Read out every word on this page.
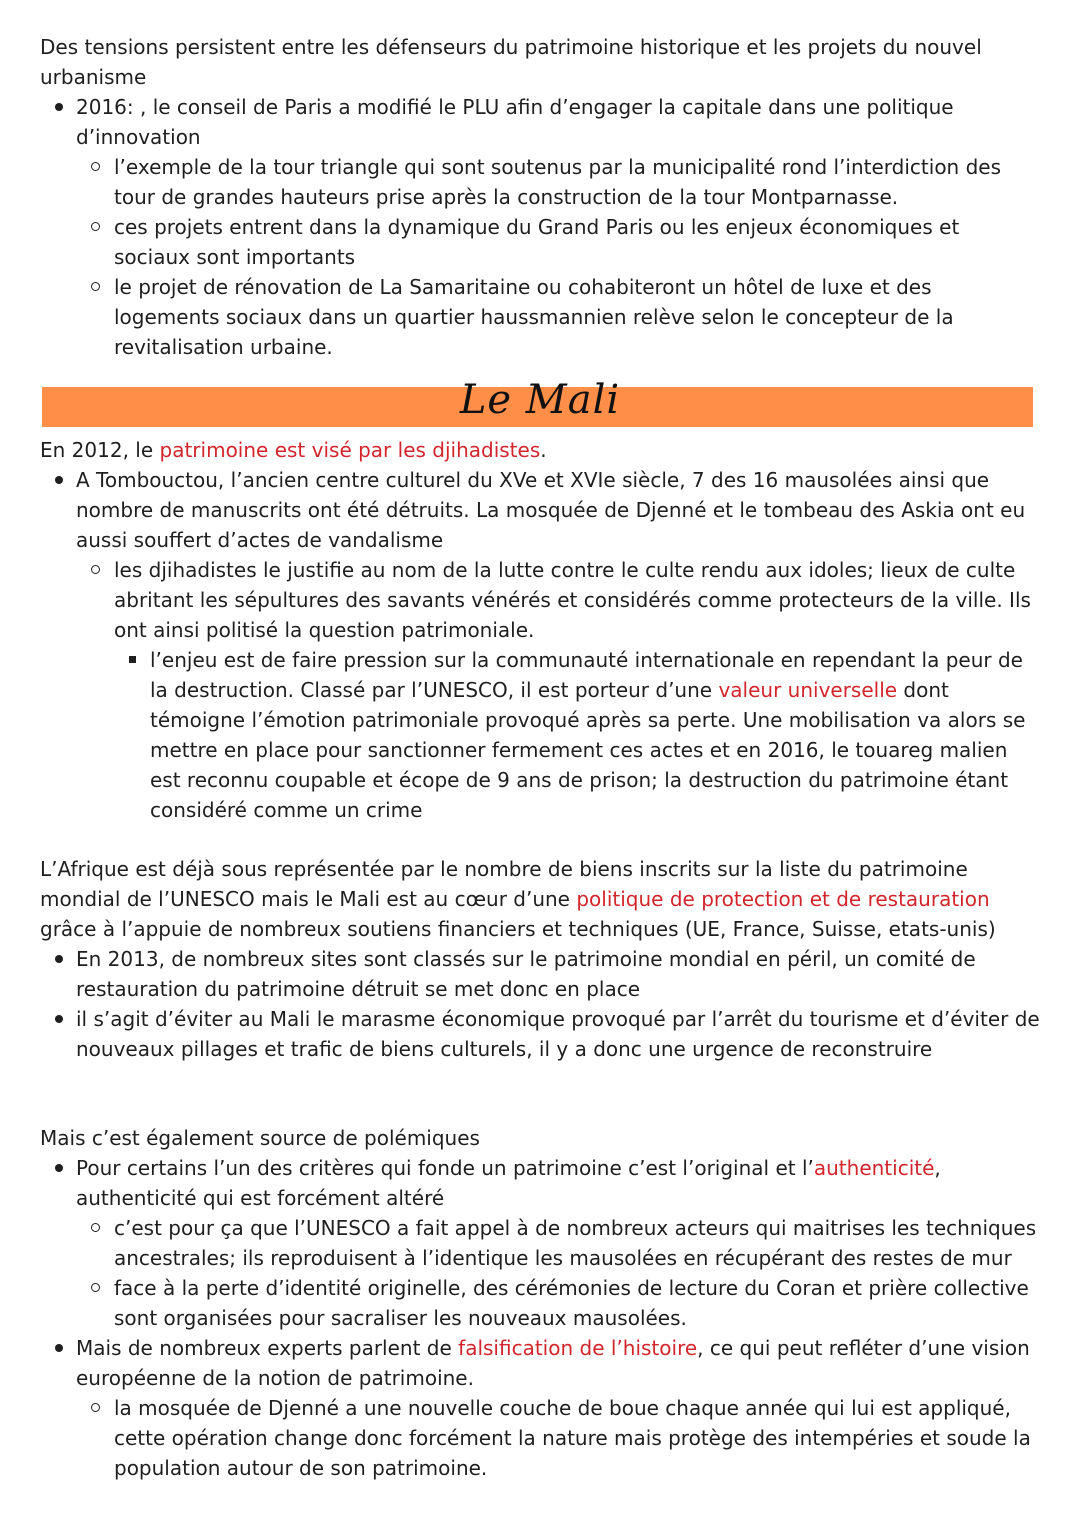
Des tensions persistent entre les défenseurs du patrimoine historique et les projets du nouvel urbanisme

2016: , le conseil de Paris a modifié le PLU afin d’engager la capitale dans une politique d’innovation
l’exemple de la tour triangle qui sont soutenus par la municipalité rond l’interdiction des tour de grandes hauteurs prise après la construction de la tour Montparnasse.
ces projets entrent dans la dynamique du Grand Paris ou les enjeux économiques et sociaux sont importants
le projet de rénovation de La Samaritaine ou cohabiteront un hôtel de luxe et des logements sociaux dans un quartier haussmannien relève selon le concepteur de la revitalisation urbaine.
Le Mali

En 2012, le patrimoine est visé par les djihadistes.

A Tombouctou, l’ancien centre culturel du XVe et XVIe siècle, 7 des 16 mausolées ainsi que nombre de manuscrits ont été détruits. La mosquée de Djenné et le tombeau des Askia ont eu aussi souffert d’actes de vandalisme
les djihadistes le justifie au nom de la lutte contre le culte rendu aux idoles; lieux de culte abritant les sépultures des savants vénérés et considérés comme protecteurs de la ville. Ils ont ainsi politisé la question patrimoniale.
l’enjeu est de faire pression sur la communauté internationale en rependant la peur de la destruction. Classé par l’UNESCO, il est porteur d’une valeur universelle dont témoigne l’émotion patrimoniale provoqué après sa perte. Une mobilisation va alors se mettre en place pour sanctionner fermement ces actes et en 2016, le touareg malien est reconnu coupable et écope de 9 ans de prison; la destruction du patrimoine étant considéré comme un crime

L’Afrique est déjà sous représentée par le nombre de biens inscrits sur la liste du patrimoine mondial de l’UNESCO mais le Mali est au cœur d’une politique de protection et de restauration grâce à l’appuie de nombreux soutiens financiers et techniques (UE, France, Suisse, etats-unis)

En 2013, de nombreux sites sont classés sur le patrimoine mondial en péril, un comité de restauration du patrimoine détruit se met donc en place
il s’agit d’éviter au Mali le marasme économique provoqué par l’arrêt du tourisme et d’éviter de nouveaux pillages et trafic de biens culturels, il y a donc une urgence de reconstruire

Mais c’est également source de polémiques

Pour certains l’un des critères qui fonde un patrimoine c’est l’original et l’authenticité, authenticité qui est forcément altéré
c’est pour ça que l’UNESCO a fait appel à de nombreux acteurs qui maitrises les techniques ancestrales; ils reproduisent à l’identique les mausolées en récupérant des restes de mur
face à la perte d’identité originelle, des cérémonies de lecture du Coran et prière collective sont organisées pour sacraliser les nouveaux mausolées.
Mais de nombreux experts parlent de falsification de l’histoire, ce qui peut refléter d’une vision européenne de la notion de patrimoine.
la mosquée de Djenné a une nouvelle couche de boue chaque année qui lui est appliqué, cette opération change donc forcément la nature mais protège des intempéries et soude la population autour de son patrimoine.
